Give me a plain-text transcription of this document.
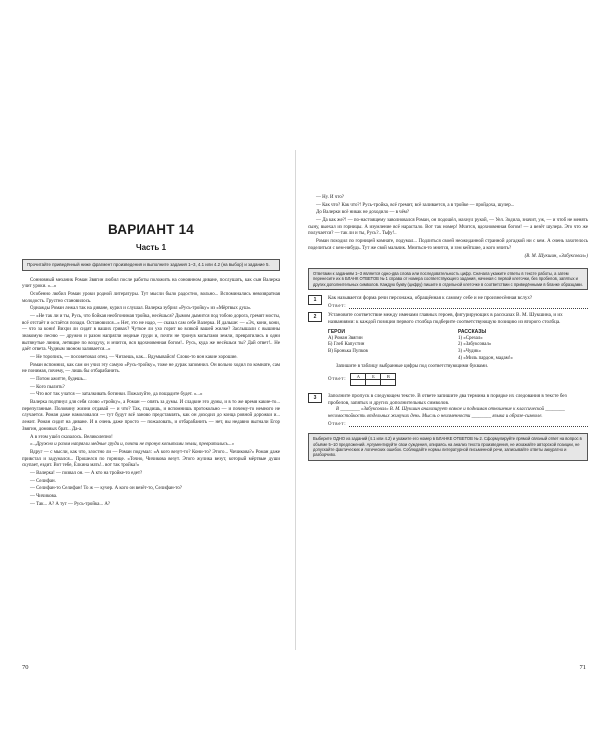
ВАРИАНТ 14
Часть 1
Прочитайте приведённый ниже фрагмент произведения и выполните задания 1–3, 4.1 или 4.2 (на выбор) и задание 5.

Сонновный механик Роман Звягин любил после работы положить на соновнном диване, послушать, как сын Валерка учит уроки. «...»

Особенно любил Роман уроки родной литературы. Тут мысли было радостно, вольно... Вспоминались невозвратная молодость. Грустно становилось.

Однажды Роман лежал так на диване, курил и слушал. Валерка зубрил «Русь-тройку» из «Мёртвых душ».

— «Не так ли и ты, Русь, что бойкая необгонимая тройка, несёшься? Дымом дымится под тобою дорога, гремят мосты, всё отстаёт и остаётся позади. Остановился...» Нет, это не надо, — сказал сам себе Валерка. И дальше: — «Эх, кони, кони, — что за кони! Вихри ли сидят в ваших гривах? Чуткое ли ухо горит во всякой вашей жилке? Заслышали с вышины знакомую песню — дружно и разом напрягли медные груди и, почти не тронув копытами земли, превратились в одни вытянутые линии, летящие по воздуху, и мчится, вся вдохновенная богом!.. Русь, куда же несёшься ты? Дай ответ!.. Не даёт ответа. Чудным звоном заливается...»

— Не торопись, — посоветовал отец. — Читаешь, как... Вдумывайся! Слово-то вон какие хорошие.

Роман вспомнил, как сам он учил эту самую «Русь-тройку», тоже не дурак запомнил. Он вольно ходил по комнате, сам не понимая, почему, — лишь бы отбарабанить.

— Потом ажитте, будешь...

— Кого пылить?

— Что вот так учатся — заталкивать ботинки. Пожалуйте, да пощадите будет. «...»

Валерка подтянул для себя слово «тройку», а Роман — опять за думы. И сладкие это думы, и в то же время какие-то... перепуганные. Половину жизни отдавай — и что? Так, гладишь, и вспомнишь протокольно — и почему-то немного не случается. Роман даже намоловался — тут будут всё заново представлять, как он доходил до конца ровной дорожки и... лежит. Роман сидит на диване. И в очень даже просто — пожаловать, и отбарабанить — нет, вы недавно выгнали Егор Звягин, домовых брат... Да-а.

А в этом ушёл сказалось. Великолепно!

«...Дружно и разом напрягли медные груди и, почти не тронув копытами земли, превратились...»

Вдруг — с мысли, как что, злостно ли — Роман подумал: «А кого везут-то? Кони-то? Этого... Чичикова?» Роман даже привстал и задумался... Прошелся по горнице. «Точно, Чичикова везут. Этого жулика везут, который мёртвые души скупает, ездит. Вот тебе, Ёлкина мать!.. вот так тройка!»

— Валерка! — позвал он. — А кто на тройке-то едет?

— Селифан.

— Селифан-то Селифан! То ж — кучер. А кого он везёт-то, Селифан-то?

— Чичикова.

— Так... А? А тут — Русь-тройка... А?

70

— Ну. И что?

— Как что? Как что?! Русь-тройка, всё гремит, всё заливается, а в тройке — пройдоха, шулер...

До Валерки всё никак не доходило — в чём?

— Да как же?! — по-настоящему заволновался Роман, он подошёл, махнул рукой, — Уел. Зодила, значит, уж, — и чтоб не менять сыну, выехал из горницы. А изумление всё нарастало. Вот так номер! Мчится, вдохновенная богом! — а везёт шулера. Это что же получается? — так ли и ты, Русь?.. Тьфу!..

Роман походил по горницей комнате, подумал... Подлиться своей неожиданной странной догадкой ни с кем. А очень захотелось поделиться с кем-нибудь. Тут же свой мальчик. Мниться-то мнится, и зэм кейтшие, а кого мчить?

(В. М. Шукшин, «Забуксовал»)
Ответами к заданиям 1–3 является одно-два слова или последовательность цифр. Сначала укажите ответы в тексте работы, а затем перенесите их в БЛАНК ОТВЕТОВ № 1 справа от номера соответствующего задания, начиная с первой клеточки, без пробелов, запятых и других дополнительных символов. Каждую букву (цифру) пишите в отдельной клеточке в соответствии с приведёнными в бланке образцами.
1	Как называется форма речи персонажа, обращённая к самому себе и не произнесённая вслух?

Ответ:
2	Установите соответствие между именами главных героев, фигурирующих в рассказах В. М. Шукшина, и их названиями: к каждой позиции первого столбца подберите соответствующую позицию из второго столбца.

ГЕРОИ

А) Роман Звягин

Б) Глеб Капустин

В) Бронька Пупков

РАССКАЗЫ

1) «Срезал»

2) «Забуксовал»

3) «Чудик»

4) «Миль пардон, мадам!»

Запишите в таблицу выбранные цифры под соответствующими буквами.

Ответ:
А	Б	В
3	Заполните пропуск в следующем тексте. В ответе запишите два термина в порядке их следования в тексте без пробелов, запятых и других дополнительных символов.

В ________ «Забуксовал» В. М. Шукшин анализирует всякое и поднимая отношение к классической ________ несомостойкость отдельных живучих день. Мысль о неизменности ________ языка и образе-символе.

Ответ:
Выберите ОДНО из заданий (4.1 или 4.2) и укажите его номер в БЛАНКЕ ОТВЕТОВ № 2. Сформулируйте прямой связный ответ на вопрос в объёме 5–10 предложений. Аргументируйте свои суждения, опираясь на анализ текста произведения, не искажайте авторской позиции, не допускайте фактических и логических ошибок. Соблюдайте нормы литературной письменной речи, записывайте ответы аккуратно и разборчиво.
71
